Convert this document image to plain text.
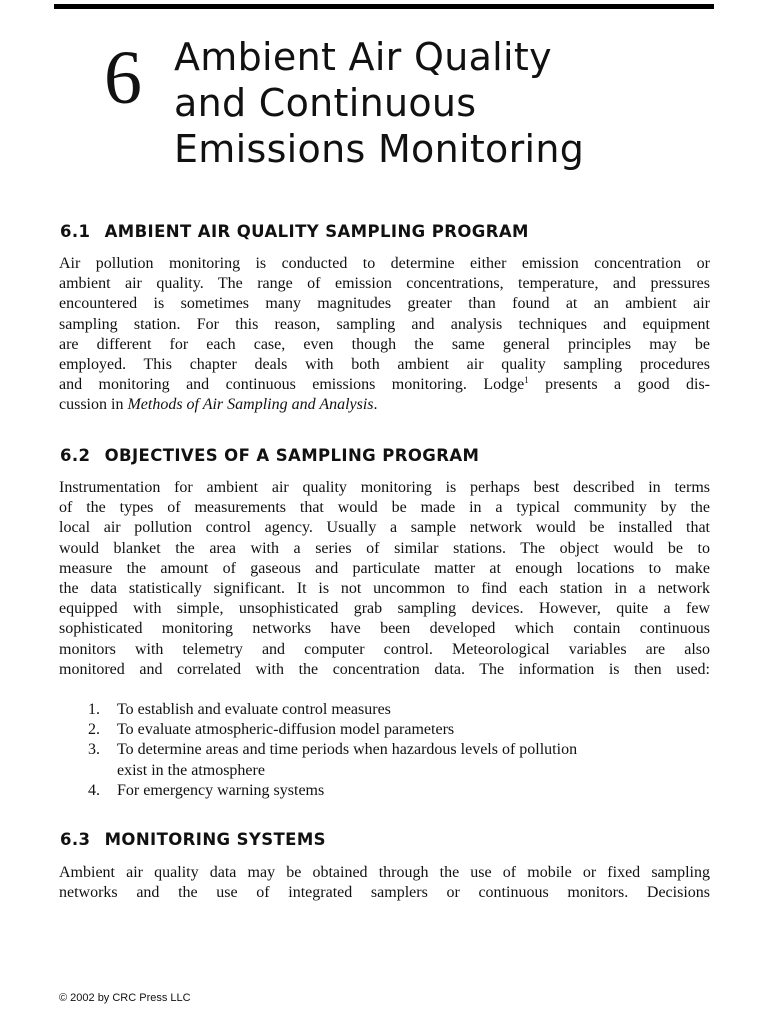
6 Ambient Air Quality
and Continuous
Emissions Monitoring
6.1 AMBIENT AIR QUALITY SAMPLING PROGRAM

Air pollution monitoring is conducted to determine either emission concentration or
ambient air quality. The range of emission concentrations, temperature, and pressures
encountered is sometimes many magnitudes greater than found at an ambient air
sampling station. For this reason, sampling and analysis techniques and equipment
are different for each case, even though the same general principles may be
employed. This chapter deals with both ambient air quality sampling procedures
and monitoring and continuous emissions monitoring. Lodge$^1$ presents a good dis-
cussion in Methods of Air Sampling and Analysis.

6.2 OBJECTIVES OF A SAMPLING PROGRAM

Instrumentation for ambient air quality monitoring is perhaps best described in terms
of the types of measurements that would be made in a typical community by the
local air pollution control agency. Usually a sample network would be installed that
would blanket the area with a series of similar stations. The object would be to
measure the amount of gaseous and particulate matter at enough locations to make
the data statistically significant. It is not uncommon to find each station in a network
equipped with simple, unsophisticated grab sampling devices. However, quite a few
sophisticated monitoring networks have been developed which contain continuous
monitors with telemetry and computer control. Meteorological variables are also
monitored and correlated with the concentration data. The information is then used:

1. To establish and evaluate control measures
2. To evaluate atmospheric-diffusion model parameters
3. To determine areas and time periods when hazardous levels of pollution
exist in the atmosphere
4. For emergency warning systems
6.3 MONITORING SYSTEMS

Ambient air quality data may be obtained through the use of mobile or fixed sampling
networks and the use of integrated samplers or continuous monitors. Decisions

© 2002 by CRC Press LLC
